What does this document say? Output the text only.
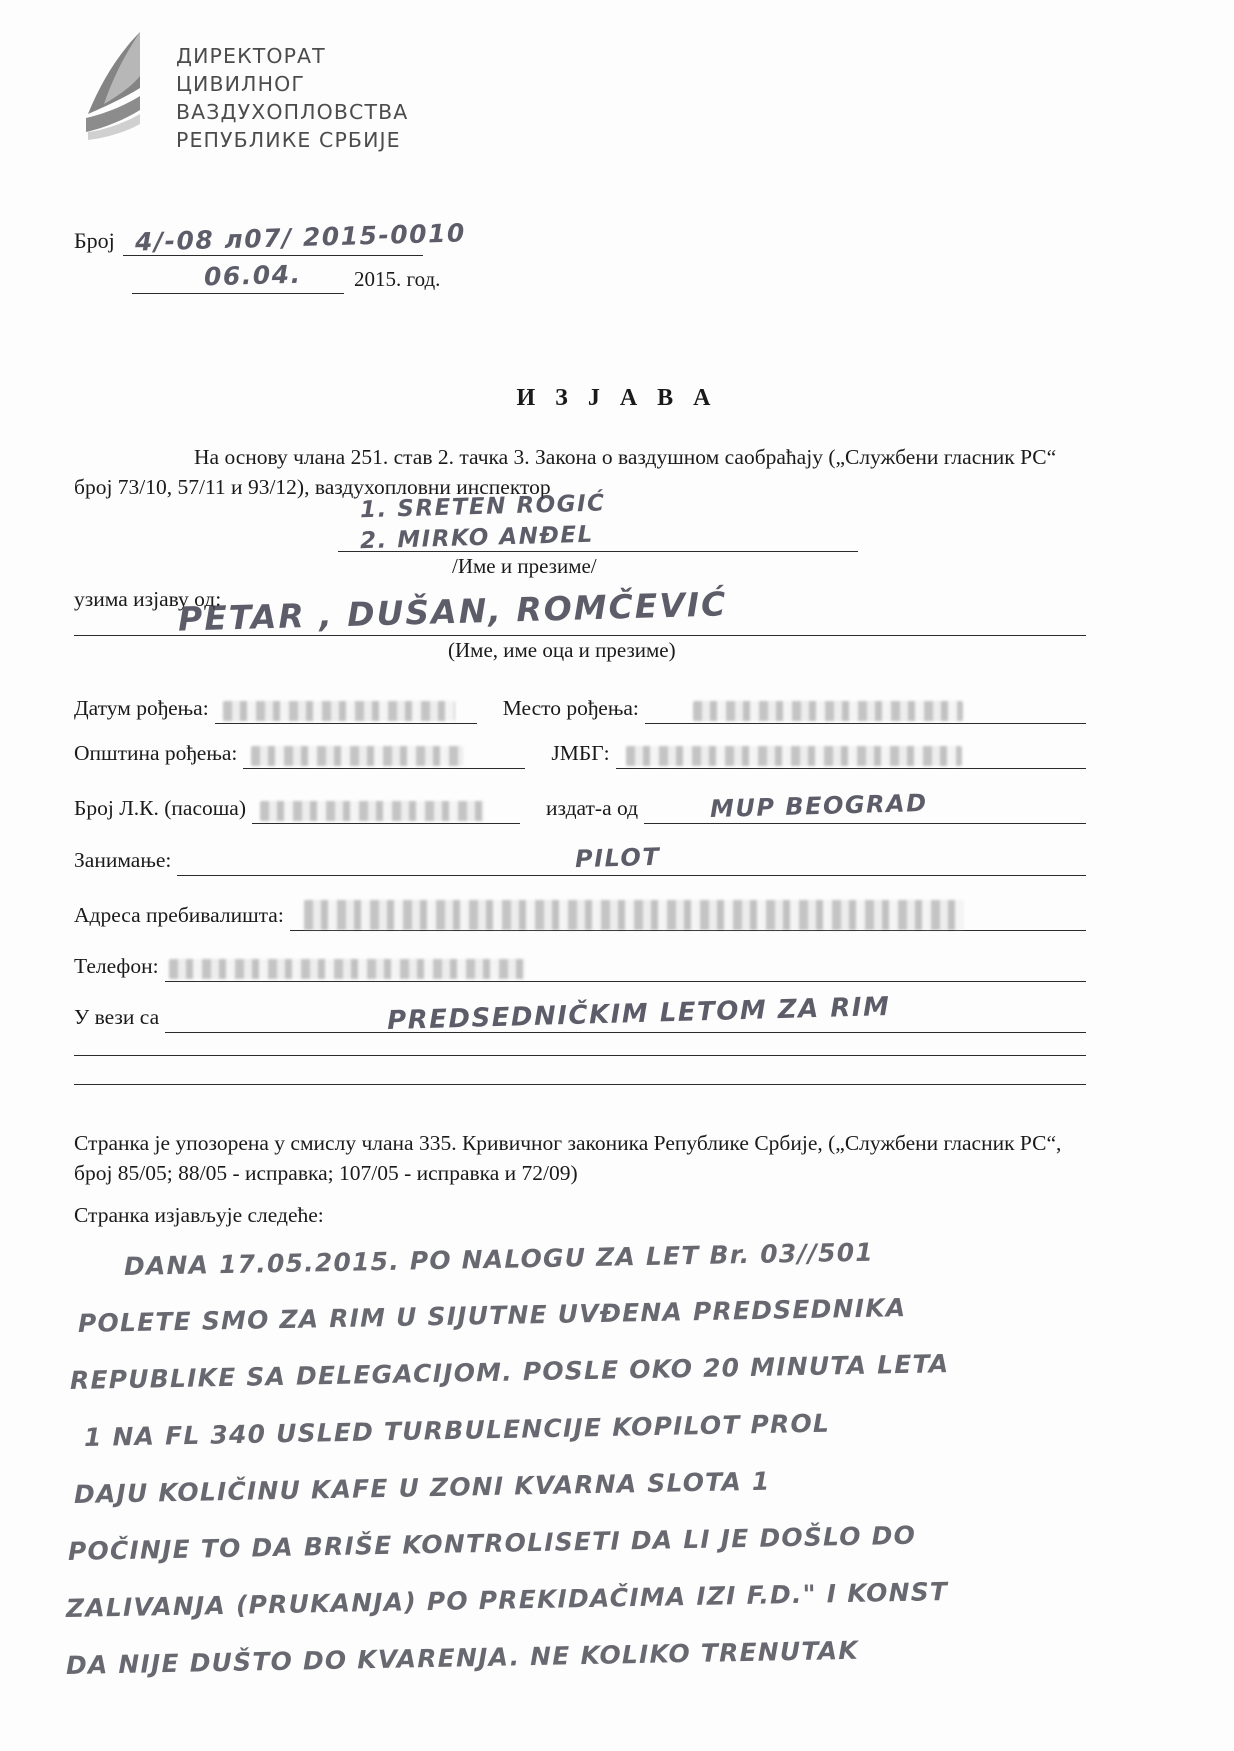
ДИРЕКТОРАТ
ЦИВИЛНОГ
ВАЗДУХОПЛОВСТВА
РЕПУБЛИКЕ СРБИЈЕ
Број 4/-08 л07/ 2015-0010
06.04.	2015. год.
И З Ј А В А
На основу члана 251. став 2. тачка 3. Закона о ваздушном саобраћају („Службени гласник РС“
број 73/10, 57/11 и 93/12), ваздухопловни инспектор
1. SRETEN ROGIĆ
2. MIRKO ANĐEL
/Име и презиме/
узима изјаву од:
PETAR , DUŠAN, ROMČEVIĆ
(Име, име оца и презиме)
Датум рођења:	Место рођења:
Општина рођења:	ЈМБГ:
Број Л.К. (пасоша)	издат-а од	MUP BEOGRAD
Занимање:	PILOT
Адреса пребивалишта:
Телефон:
У вези са	PREDSEDNIČKIM LETOM ZA RIM
Странка је упозорена у смислу члана 335. Кривичног законика Републике Србије, („Службени гласник РС“,
број 85/05; 88/05 - исправка; 107/05 - исправка и 72/09)
Странка изјављује следеће:
DANA 17.05.2015. PO NALOGU ZA LET Br. 03//501
POLETE SMO ZA RIM U SIJUTNE UVĐENA PREDSEDNIKA
REPUBLIKE SA DELEGACIJOM. POSLE OKO 20 MINUTA LETA
1 NA FL 340 USLED TURBULENCIJE KOPILOT PROL
DAJU KOLIČINU KAFE U ZONI KVARNA SLOTA 1
POČINJE TO DA BRIŠE KONTROLISETI DA LI JE DOŠLO DO
ZALIVANJA (PRUKANJA) PO PREKIDAČIMA IZI F.D." I KONST
DA NIJE DUŠTO DO KVARENJA. NE KOLIKO TRENUTAK
